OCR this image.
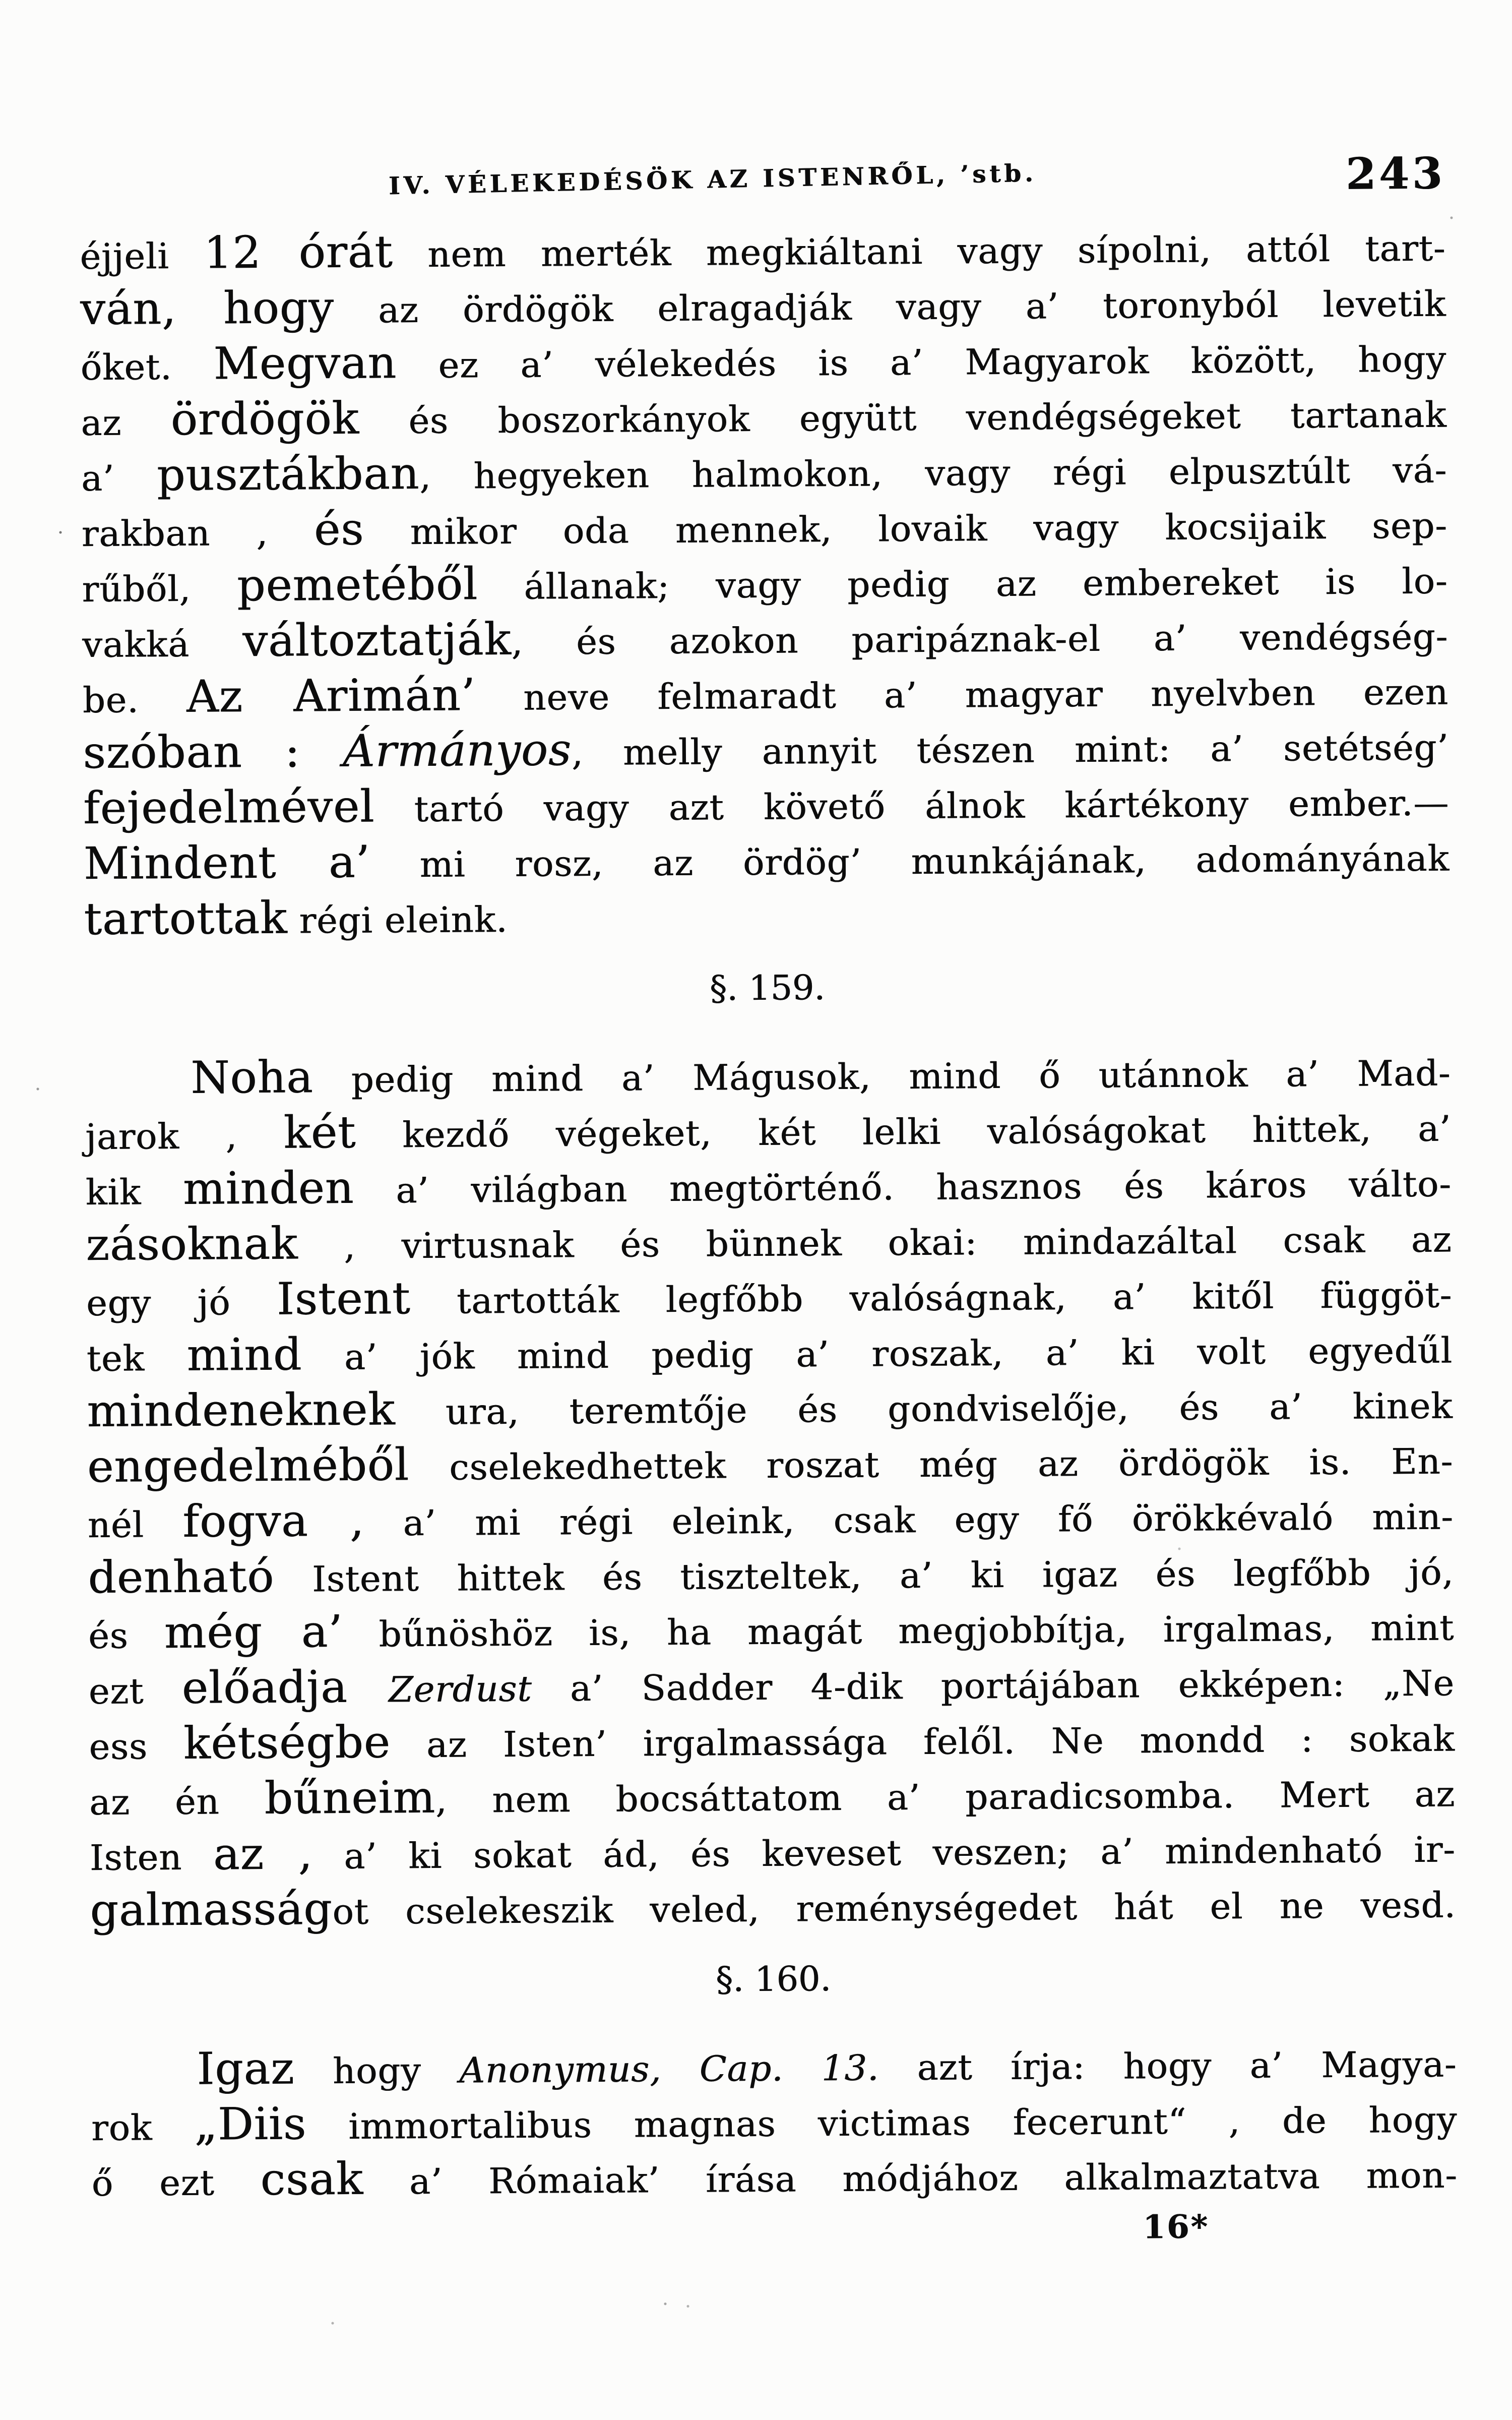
IV. VÉLEKEDÉSÖK AZ ISTENRŐL, ’stb.	243
éjjeli 12 órát nem merték megkiáltani vagy sípolni, attól tart-
ván, hogy az ördögök elragadják vagy a’ toronyból levetik
őket. Megvan ez a’ vélekedés is a’ Magyarok között, hogy
az ördögök és boszorkányok együtt vendégségeket tartanak
a’ pusztákban, hegyeken halmokon, vagy régi elpusztúlt vá-
rakban , és mikor oda mennek, lovaik vagy kocsijaik sep-
rűből, pemetéből állanak; vagy pedig az embereket is lo-
vakká változtatják, és azokon paripáznak-el a’ vendégség-
be. Az Arimán’ neve felmaradt a’ magyar nyelvben ezen
szóban : Ármányos, melly annyit tészen mint: a’ setétség’
fejedelmével tartó vagy azt követő álnok kártékony ember.—
Mindent a’ mi rosz, az ördög’ munkájának, adományának
tartottak régi eleink.
§. 159.
Noha pedig mind a’ Mágusok, mind ő utánnok a’ Mad-
jarok , két kezdő végeket, két lelki valóságokat hittek, a’
kik minden a’ világban megtörténő. hasznos és káros válto-
zásoknak , virtusnak és bünnek okai: mindazáltal csak az
egy jó Istent tartották legfőbb valóságnak, a’ kitől függöt-
tek mind a’ jók mind pedig a’ roszak, a’ ki volt egyedűl
mindeneknek ura, teremtője és gondviselője, és a’ kinek
engedelméből cselekedhettek roszat még az ördögök is. En-
nél fogva , a’ mi régi eleink, csak egy fő örökkévaló min-
denható Istent hittek és tiszteltek, a’ ki igaz és legfőbb jó,
és még a’ bűnöshöz is, ha magát megjobbítja, irgalmas, mint
ezt előadja Zerdust a’ Sadder 4-dik portájában ekképen: „Ne
ess kétségbe az Isten’ irgalmassága felől. Ne mondd : sokak
az én bűneim, nem bocsáttatom a’ paradicsomba. Mert az
Isten az , a’ ki sokat ád, és keveset veszen; a’ mindenható ir-
galmasságot cselekeszik veled, reménységedet hát el ne vesd.
§. 160.
Igaz hogy Anonymus, Cap. 13. azt írja: hogy a’ Magya-
rok „Diis immortalibus magnas victimas fecerunt“ , de hogy
ő ezt csak a’ Rómaiak’ írása módjához alkalmaztatva mon-
16*
